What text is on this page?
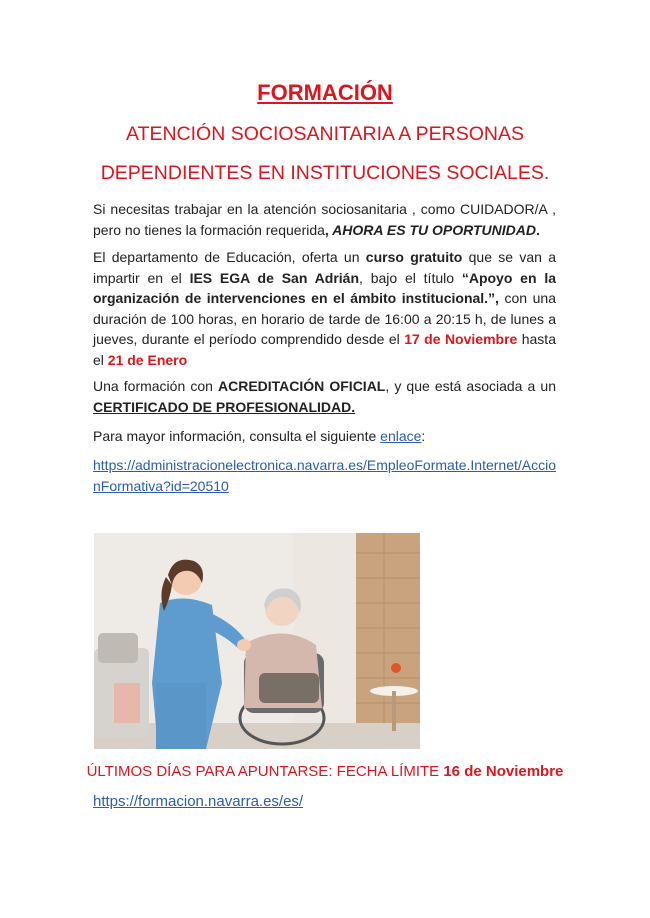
FORMACIÓN

ATENCIÓN SOCIOSANITARIA A PERSONAS

DEPENDIENTES EN INSTITUCIONES SOCIALES.

Si necesitas trabajar en la atención sociosanitaria , como CUIDADOR/A , pero no tienes la formación requerida, AHORA ES TU OPORTUNIDAD.

El departamento de Educación, oferta un curso gratuito que se van a impartir en el IES EGA de San Adrián, bajo el título “Apoyo en la organización de intervenciones en el ámbito institucional.”, con una duración de 100 horas, en horario de tarde de 16:00 a 20:15 h, de lunes a jueves, durante el período comprendido desde el 17 de Noviembre hasta el 21 de Enero

Una formación con ACREDITACIÓN OFICIAL, y que está asociada a un CERTIFICADO DE PROFESIONALIDAD.

Para mayor información, consulta el siguiente enlace:

https://administracionelectronica.navarra.es/EmpleoFormate.Internet/AccionFormativa?id=20510

ÚLTIMOS DÍAS PARA APUNTARSE: FECHA LÍMITE 16 de Noviembre

https://formacion.navarra.es/es/
